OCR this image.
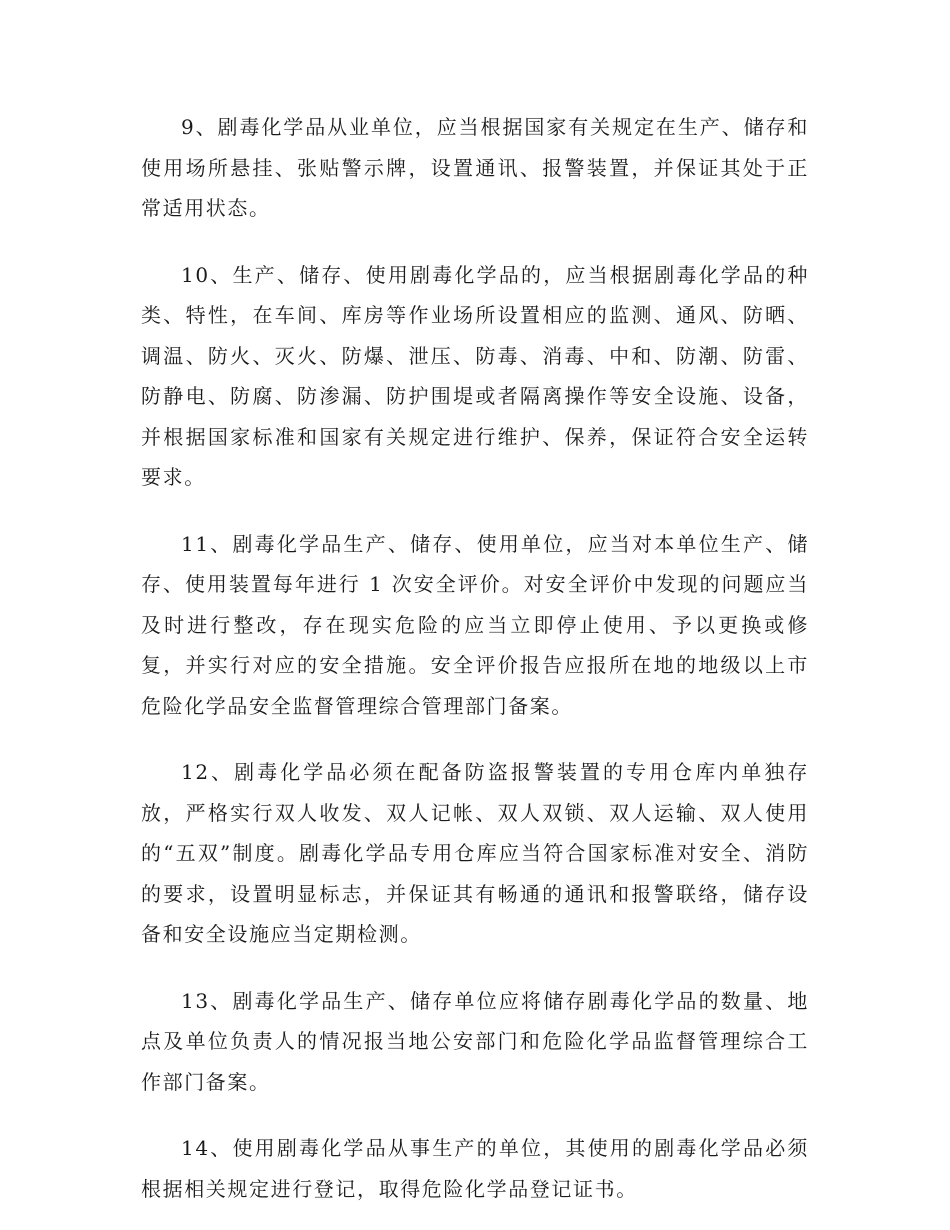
9、剧毒化学品从业单位，应当根据国家有关规定在生产、储存和使用场所悬挂、张贴警示牌，设置通讯、报警装置，并保证其处于正常适用状态。

10、生产、储存、使用剧毒化学品的，应当根据剧毒化学品的种类、特性，在车间、库房等作业场所设置相应的监测、通风、防晒、调温、防火、灭火、防爆、泄压、防毒、消毒、中和、防潮、防雷、防静电、防腐、防渗漏、防护围堤或者隔离操作等安全设施、设备，并根据国家标准和国家有关规定进行维护、保养，保证符合安全运转要求。

11、剧毒化学品生产、储存、使用单位，应当对本单位生产、储存、使用装置每年进行 1 次安全评价。对安全评价中发现的问题应当及时进行整改，存在现实危险的应当立即停止使用、予以更换或修复，并实行对应的安全措施。安全评价报告应报所在地的地级以上市危险化学品安全监督管理综合管理部门备案。

12、剧毒化学品必须在配备防盗报警装置的专用仓库内单独存放，严格实行双人收发、双人记帐、双人双锁、双人运输、双人使用的“五双”制度。剧毒化学品专用仓库应当符合国家标准对安全、消防的要求，设置明显标志，并保证其有畅通的通讯和报警联络，储存设备和安全设施应当定期检测。

13、剧毒化学品生产、储存单位应将储存剧毒化学品的数量、地点及单位负责人的情况报当地公安部门和危险化学品监督管理综合工作部门备案。

14、使用剧毒化学品从事生产的单位，其使用的剧毒化学品必须根据相关规定进行登记，取得危险化学品登记证书。
